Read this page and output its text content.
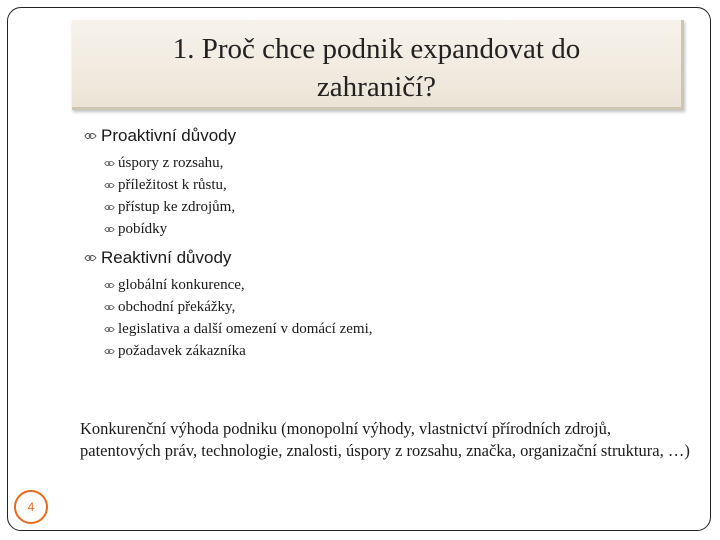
1. Proč chce podnik expandovat do
zahraničí?
Proaktivní důvody
úspory z rozsahu,
příležitost k růstu,
přístup ke zdrojům,
pobídky
Reaktivní důvody
globální konkurence,
obchodní překážky,
legislativa a další omezení v domácí zemi,
požadavek zákazníka
Konkurenční výhoda podniku (monopolní výhody, vlastnictví přírodních zdrojů, patentových práv, technologie, znalosti, úspory z rozsahu, značka, organizační struktura, …)
4
